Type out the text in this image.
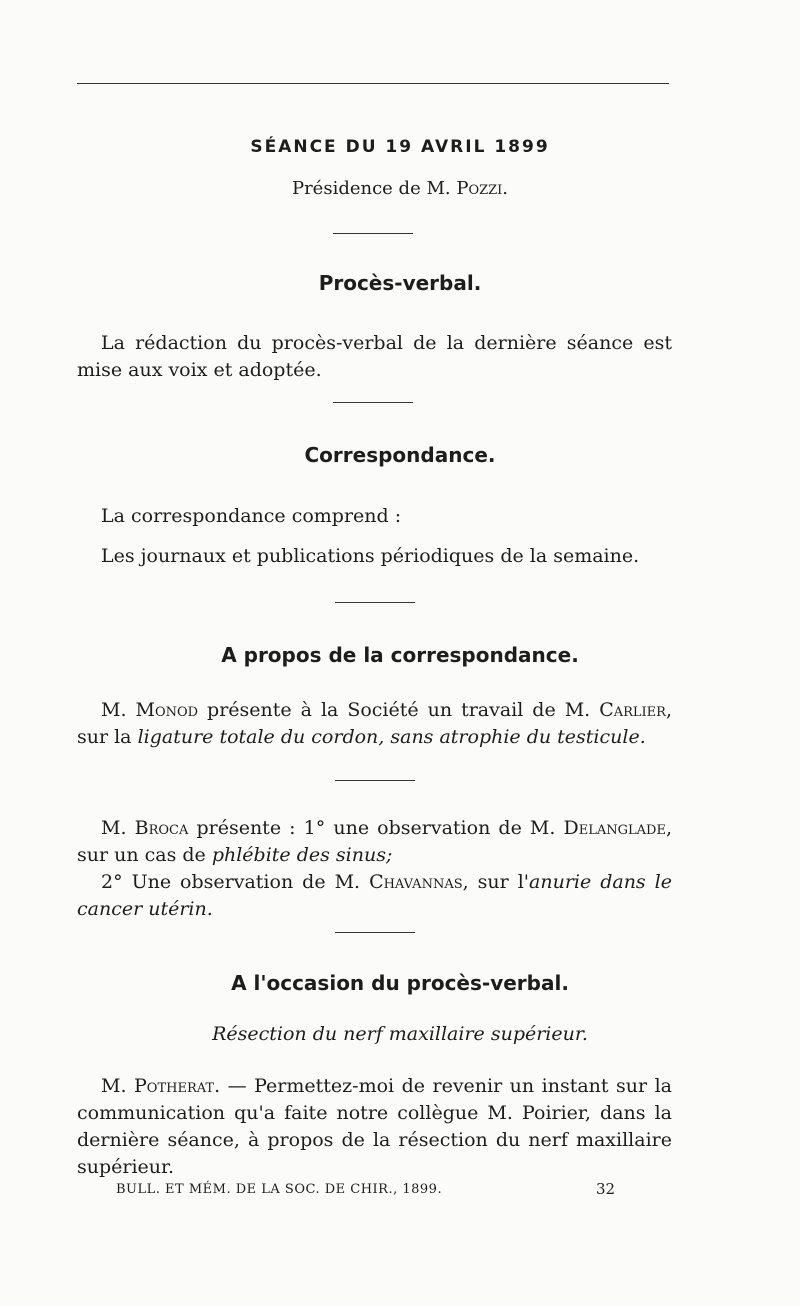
SÉANCE DU 19 AVRIL 1899
Présidence de M. Pozzi.
Procès-verbal.

La rédaction du procès-verbal de la dernière séance est mise aux voix et adoptée.

Correspondance.

La correspondance comprend :

Les journaux et publications périodiques de la semaine.

A propos de la correspondance.

M. Monod présente à la Société un travail de M. Carlier, sur la ligature totale du cordon, sans atrophie du testicule.

M. Broca présente : 1° une observation de M. Delanglade, sur un cas de phlébite des sinus;

2° Une observation de M. Chavannas, sur l'anurie dans le cancer utérin.

A l'occasion du procès-verbal.
Résection du nerf maxillaire supérieur.

M. Potherat. — Permettez-moi de revenir un instant sur la communication qu'a faite notre collègue M. Poirier, dans la dernière séance, à propos de la résection du nerf maxillaire supérieur.

BULL. ET MÉM. DE LA SOC. DE CHIR., 1899.	32
